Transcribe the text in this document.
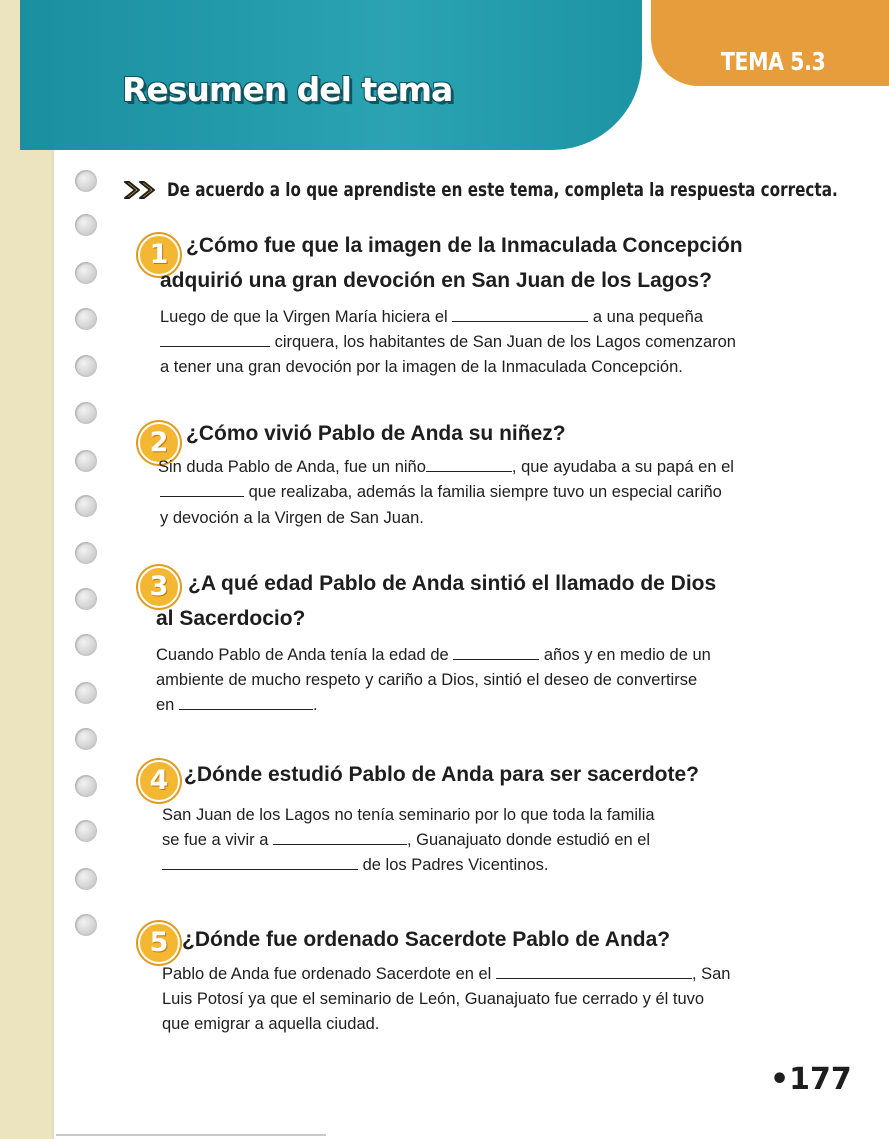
Resumen del tema
TEMA 5.3
De acuerdo a lo que aprendiste en este tema, completa la respuesta correcta.
1 ¿Cómo fue que la imagen de la Inmaculada Concepción

adquirió una gran devoción en San Juan de los Lagos?

Luego de que la Virgen María hiciera el	a una pequeña

cirquera, los habitantes de San Juan de los Lagos comenzaron

a tener una gran devoción por la imagen de la Inmaculada Concepción.

2 ¿Cómo vivió Pablo de Anda su niñez?

Sin duda Pablo de Anda, fue un niño	, que ayudaba a su papá en el

que realizaba, además la familia siempre tuvo un especial cariño

y devoción a la Virgen de San Juan.

3 ¿A qué edad Pablo de Anda sintió el llamado de Dios

al Sacerdocio?

Cuando Pablo de Anda tenía la edad de	años y en medio de un

ambiente de mucho respeto y cariño a Dios, sintió el deseo de convertirse

en	.

4 ¿Dónde estudió Pablo de Anda para ser sacerdote?

San Juan de los Lagos no tenía seminario por lo que toda la familia

se fue a vivir a	, Guanajuato donde estudió en el

de los Padres Vicentinos.

5 ¿Dónde fue ordenado Sacerdote Pablo de Anda?

Pablo de Anda fue ordenado Sacerdote en el	, San

Luis Potosí ya que el seminario de León, Guanajuato fue cerrado y él tuvo

que emigrar a aquella ciudad.

•177
